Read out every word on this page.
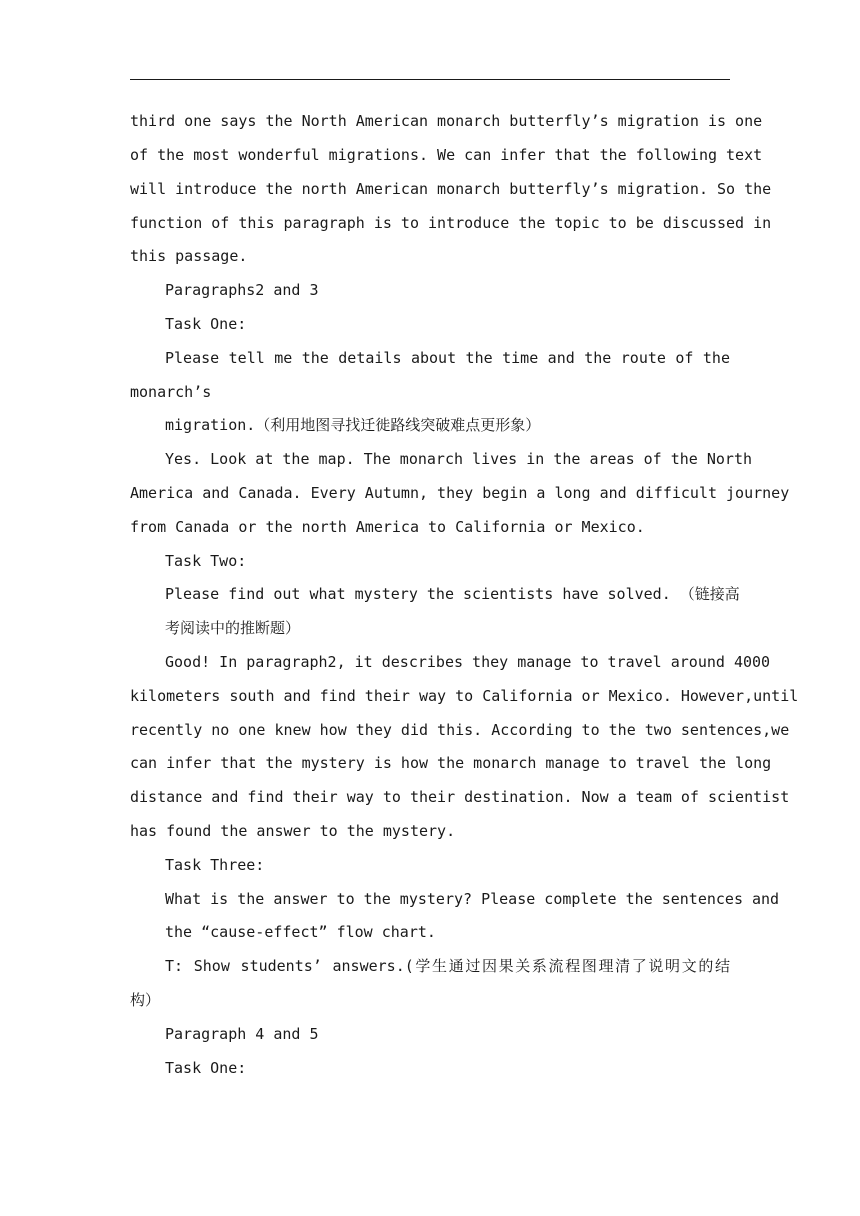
third one says the North American monarch butterfly’s migration is one
of the most wonderful migrations. We can infer that the following text
will introduce the north American monarch butterfly’s migration. So the
function of this paragraph is to introduce the topic to be discussed in
this passage.
Paragraphs2 and 3
Task One:
Please tell me the details about the time and the route of the
monarch’s
migration.（利用地图寻找迁徙路线突破难点更形象）
Yes. Look at the map. The monarch lives in the areas of the North
America and Canada. Every Autumn, they begin a long and difficult journey
from Canada or the north America to California or Mexico.
Task Two:
Please find out what mystery the scientists have solved. （链接高
考阅读中的推断题）
Good! In paragraph2, it describes they manage to travel around 4000
kilometers south and find their way to California or Mexico. However,until
recently no one knew how they did this. According to the two sentences,we
can infer that the mystery is how the monarch manage to travel the long
distance and find their way to their destination. Now a team of scientist
has found the answer to the mystery.
Task Three:
What is the answer to the mystery? Please complete the sentences and
the “cause-effect” flow chart.
T: Show students’ answers.(学生通过因果关系流程图理清了说明文的结
构）
Paragraph 4 and 5
Task One:
